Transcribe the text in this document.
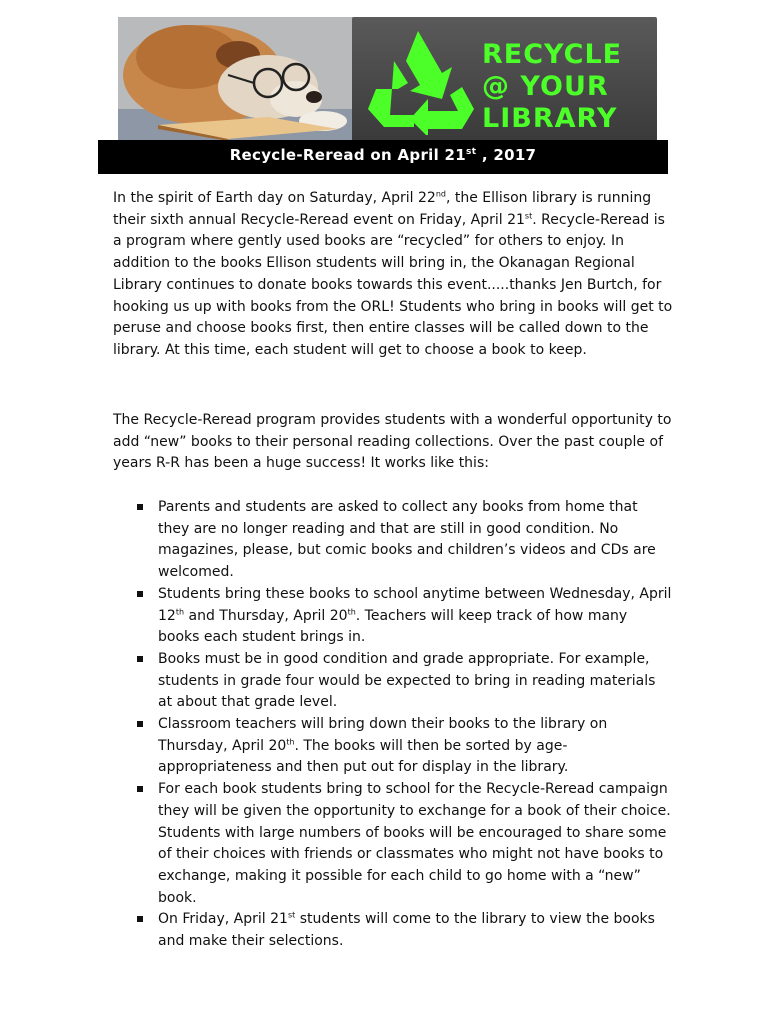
RECYCLE
@ YOUR
LIBRARY
Recycle-Reread on April 21st , 2017
In the spirit of Earth day on Saturday, April 22nd, the Ellison library is running their sixth annual Recycle-Reread event on Friday, April 21st. Recycle-Reread is a program where gently used books are “recycled” for others to enjoy. In addition to the books Ellison students will bring in, the Okanagan Regional Library continues to donate books towards this event.....thanks Jen Burtch, for hooking us up with books from the ORL! Students who bring in books will get to peruse and choose books first, then entire classes will be called down to the library. At this time, each student will get to choose a book to keep.
The Recycle-Reread program provides students with a wonderful opportunity to add “new” books to their personal reading collections. Over the past couple of years R-R has been a huge success! It works like this:
Parents and students are asked to collect any books from home that they are no longer reading and that are still in good condition. No magazines, please, but comic books and children’s videos and CDs are welcomed.
Students bring these books to school anytime between Wednesday, April 12th and Thursday, April 20th. Teachers will keep track of how many books each student brings in.
Books must be in good condition and grade appropriate. For example, students in grade four would be expected to bring in reading materials at about that grade level.
Classroom teachers will bring down their books to the library on Thursday, April 20th. The books will then be sorted by age-appropriateness and then put out for display in the library.
For each book students bring to school for the Recycle-Reread campaign they will be given the opportunity to exchange for a book of their choice. Students with large numbers of books will be encouraged to share some of their choices with friends or classmates who might not have books to exchange, making it possible for each child to go home with a “new” book.
On Friday, April 21st students will come to the library to view the books and make their selections.
